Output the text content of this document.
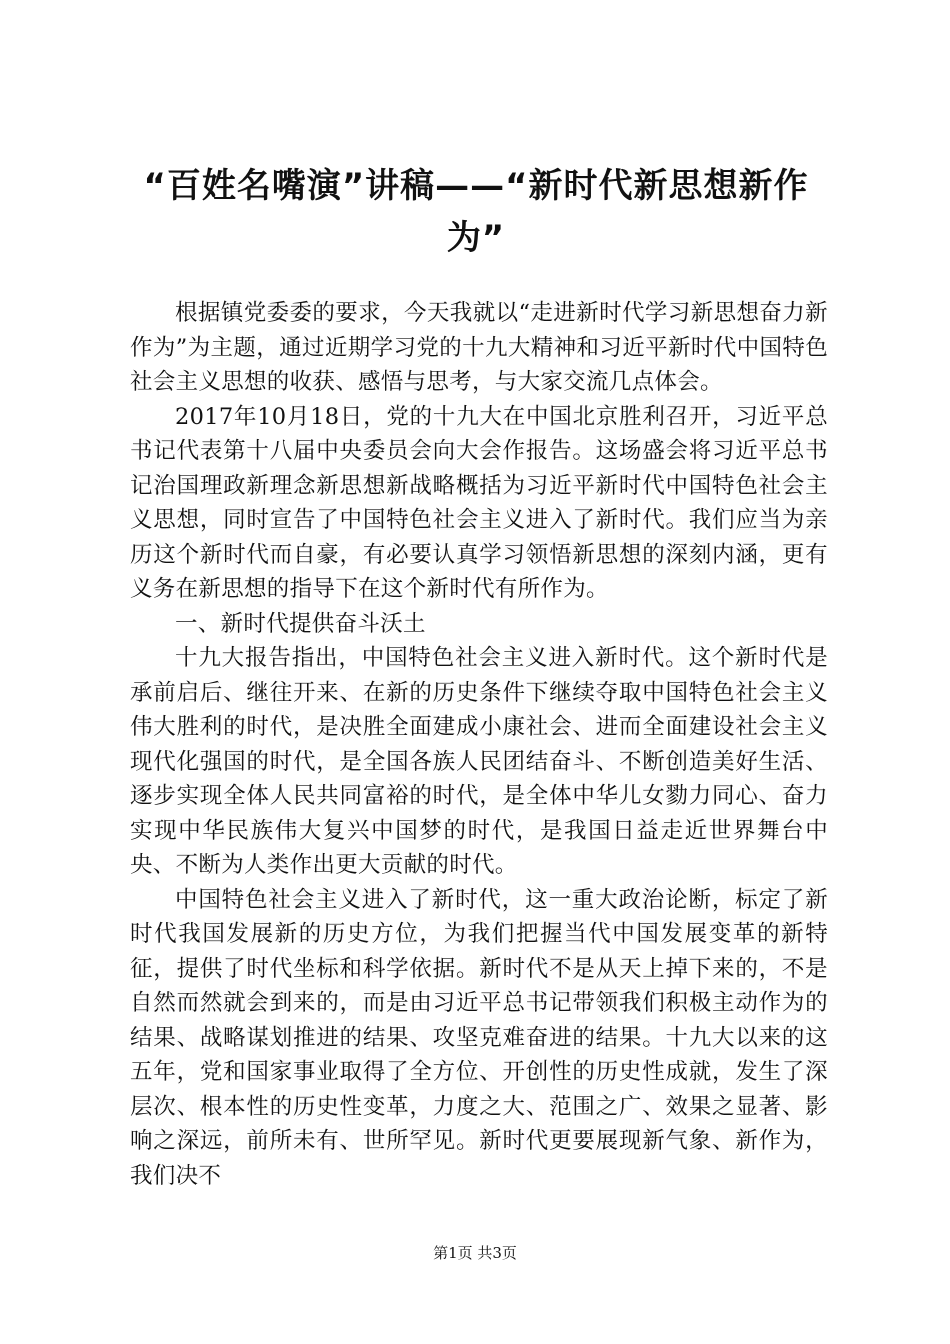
“百姓名嘴演”讲稿——“新时代新思想新作为”

根据镇党委委的要求，今天我就以“走进新时代学习新思想奋力新作为”为主题，通过近期学习党的十九大精神和习近平新时代中国特色社会主义思想的收获、感悟与思考，与大家交流几点体会。

2017年10月18日，党的十九大在中国北京胜利召开，习近平总书记代表第十八届中央委员会向大会作报告。这场盛会将习近平总书记治国理政新理念新思想新战略概括为习近平新时代中国特色社会主义思想，同时宣告了中国特色社会主义进入了新时代。我们应当为亲历这个新时代而自豪，有必要认真学习领悟新思想的深刻内涵，更有义务在新思想的指导下在这个新时代有所作为。

一、新时代提供奋斗沃土

十九大报告指出，中国特色社会主义进入新时代。这个新时代是承前启后、继往开来、在新的历史条件下继续夺取中国特色社会主义伟大胜利的时代，是决胜全面建成小康社会、进而全面建设社会主义现代化强国的时代，是全国各族人民团结奋斗、不断创造美好生活、逐步实现全体人民共同富裕的时代，是全体中华儿女勠力同心、奋力实现中华民族伟大复兴中国梦的时代，是我国日益走近世界舞台中央、不断为人类作出更大贡献的时代。

中国特色社会主义进入了新时代，这一重大政治论断，标定了新时代我国发展新的历史方位，为我们把握当代中国发展变革的新特征，提供了时代坐标和科学依据。新时代不是从天上掉下来的，不是自然而然就会到来的，而是由习近平总书记带领我们积极主动作为的结果、战略谋划推进的结果、攻坚克难奋进的结果。十九大以来的这五年，党和国家事业取得了全方位、开创性的历史性成就，发生了深层次、根本性的历史性变革，力度之大、范围之广、效果之显著、影响之深远，前所未有、世所罕见。新时代更要展现新气象、新作为，我们决不

第1页 共3页
